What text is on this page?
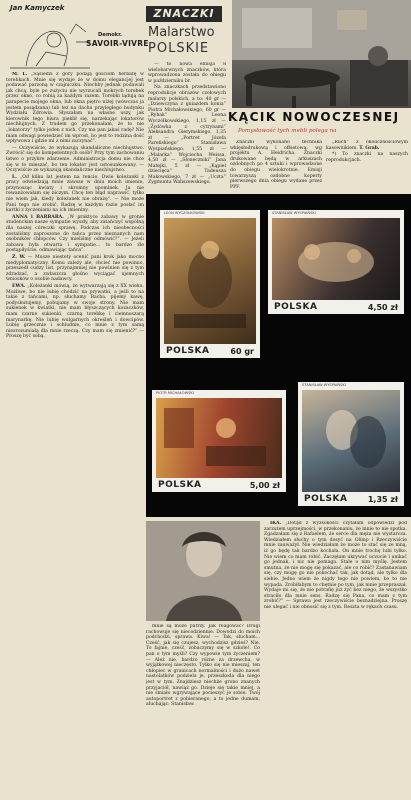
Jan Kamyczek
Demokr.
SAVOIR-VIVRE

M. L. „Sąsiedzi z góry podają gościom herbatę w torebkach. Mnie się wydaje że w domu elegancjej jest podawać parzoną w czajniczku. Niechby jednak podawali jak chcą, byle po zużyciu nie wyrzucali mokrych torebek przez okno, co robią za każdym razem. Torebki lądują na parapecie mojego okna, lub okna piętro niżej (wówczas ja jestem posądzana) lub też na dachu przyległego budynku Wydziału Zdrowia. Słyszałam na własne uszy, jak kierownik tego biura pieklił się, narzekając lokatorów niechlujnych. Z trudem go przekonałam, że to nie „lokatorzy” tylko jeden z nich. Czy ma pan jakaś radę? Nie mam odwagi powiedzieć im wprost, bo jest to rodzina dość wpływowa i gdzie mi z nimi zaczynać”.

— Oczywiście, że wykazują skandaliczne niechlujstwo. Zwrócić się do kompetentnych osób? Przy tym zachowaniu łatwo o przykre zdarzenie. Administracja domu nie chce się w to mieszać, bo ten lokator jest ustosunkowany. — Oczywiście ze wykazują skandaliczne niechlujstwo.

L. „Od kilku lat jestem na rencie. Dwie koleżanki z pracy odwiedzają mnie zawsze w dniu moich imienin, przynosząc kwiaty i skromny upominek. Ja nie rewanżowałam się niczym. Chcę ten błąd naprawić, tylko nie wiem jak, kiedy koleżanek nie obrażę”. — Nie może Pani tego nie zrobić. Radzę w każdym razie posłać im kartki z życzeniami na ich imieniny.

ANNA i BARBARA. „W praktyce zabawy w gronie studenckim nasze sympatie wyszły, aby zatańczyć wspólną dla naszej córeczki sprawę. Podczas ich nieobecności zostaliśmy zaproszone do tańca przez nieznanych nam osobników chłopców. Czy mieliśmy odmówić?”. — Jeżeli zabawa była otwarta i sympatie... to bardzo źle postąpiłyście, odmawiając tańca”.

Z. W. — Musze niestety ocenić pani krok jako mocno niedyplomatyczny. Komu zależy ale, chcieć nie powinno, przeszedł cudzy list, przynajmniej nie powinien się z tym zdradzać, a zwłaszcza głośno wyciągać ujemnych wniosków o osobie nadawcy.

EWA. „Koleżanki mówią, że wytwarzają się z XX wieku. Możliwe, bo nie lubię chodzić na prywatki, a jeśli to na takie z tańcami, np. słuchamy Bacha, pijemy kawę, podyskutujemy, pobujamy w swoje strony. Nie mam sukienek w kwiatki, nie mam błyszczących kozaczków, mam czarne sukienki, czarną torebkę i ciemnoszarą marynarkę. Nie lubię wulgarnych określeń i dowcipów. Lubię grzecznie i schludnie, co mnie z tym samą niezrozumiałą dla mnie rzeczą. Czy mam się zmienić?” — Proszę być sobą.

ZNACZKI
Malarstwo
POLSKIE

— to nowa emisja 8 wielobarwnych znaczków, która wprowadzona została do obiegu w październiku br.

Na znaczkach przedstawiono reprodukcje obrazów czołowych malarzy polskich, a to: 40 gr — „Dziewczyna z gniazdem konia” Piotra Michałowskiego, 60 gr — „Rybak” Leona Wyczółkowskiego, 1,15 zł — „Żydówka z cytrynami” Aleksandra Gierymskiego, 1,35 zł — „Portret Józefa Pareńskiego” Stanisława Wyspiańskiego, 1,55 zł — „Malarka” Wojciecha Weissa, 4,50 zł — „Słoneczniki” Jana Matejki, 5 zł — „Kąpiel dziecięca” Tadeusza Makowskiego, 7 zł — „Uczta” Zygmunta Waliszewskiego.

KĄCIK NOWOCZESNEJ
Pomysłowość tych mebli polega na

Znaczki wykonano technika wklęsłodrukową i offsetową, wg projektu A. Heidricha. Znaczki drukowane będą w arkuszach ozdobnych po 4 sztuki i wprowadzone do obiegu wielokrotnie. Emisji towarzyszą ozdobne koperty pierwszego dnia obiegu wydane przez PPF.

„Ruch” z okolicznościowym kasownikiem. T. Grab.

*) To znaczki na naszych reprodukcjach.

LEON WYCZÓŁKOWSKI
POLSKA	60 gr
STANISŁAW WYSPIAŃSKI
POLSKA	4,50 zł
PIOTR MICHAŁOWSKI
POLSKA	5,00 zł
STANISŁAW WYSPIAŃSKI
POLSKA	1,35 zł

mnie są może patrzy. Jak reagować? Drugi rachowuje się niecodziennie. Dowodzi do moich podchodzi, sprawa. Kiwa! — Tak, słucham... Cześć, jak się czujesz, wychodzisz gdzieś? Nie. To fajnie, cześć, zobaczymy się w szkole!. Co pan o tym myśli? Czy wypowie tym życzeniem? — Ależ nie, bardzo różne za drzewcha, w wyjątkowej nieczęsto. Tylko się nie mieszaj, ten chłopiec w granicach normalności i dużo nawet nastolatków podziela je, przeszkoda dla niego jest w tym. Znajdziesz niechże grono znanych przyjaciół, nawiąż go. Dzieje się takie mniej, a nie śmiało wgrywające pocieszyć je sobie. Twój autoportret z pobieranego, a to jedne dumam, aluchając: Stanisław.

IKA. „Dotąd z wyzsokości czytałam odpowiedzi pod zarzutem uprzejmości, w przekonaniu, że mnie to nie spotka. Zgadzałam się z Rafaelem, że serce dla męża nie wystarcza. Wiedziałem słuchy o tym dosyć na Olimp i Rzeczywiście mnie zauważył. Nie wiedziałam że może to stać się ze mną, iż go będę tak bardzo kochała. On mnie trochę lubi tylko. Nie wiem co mam robić. Zaczęłam ukrywać uczucie i unikać go jednak, i nic nie pomaga. Stale o nim myślę. Jestem smutna, że nie mogę się pokazać, ale co robić? Zastanawiam się, czy mogę go nie pokochać tak, jak dotąd, ale tylko dla siebie. Jedno wiem że nigdy tego nie powiem, bo to nie wypada. Zrobiłabym to chętnie po tym, jak mnie przepraszał. Wydaje mi się, że nie potrafię już żyć bez niego, że wszystko straciło dla mnie sens. Radzę się Pana, co mam z tym zrobić?” — Sprawa jest rzeczywiście beznadziejna. Proszę nie ulegać i nie obnosić się z tym. Reszta w rękach czasu.
